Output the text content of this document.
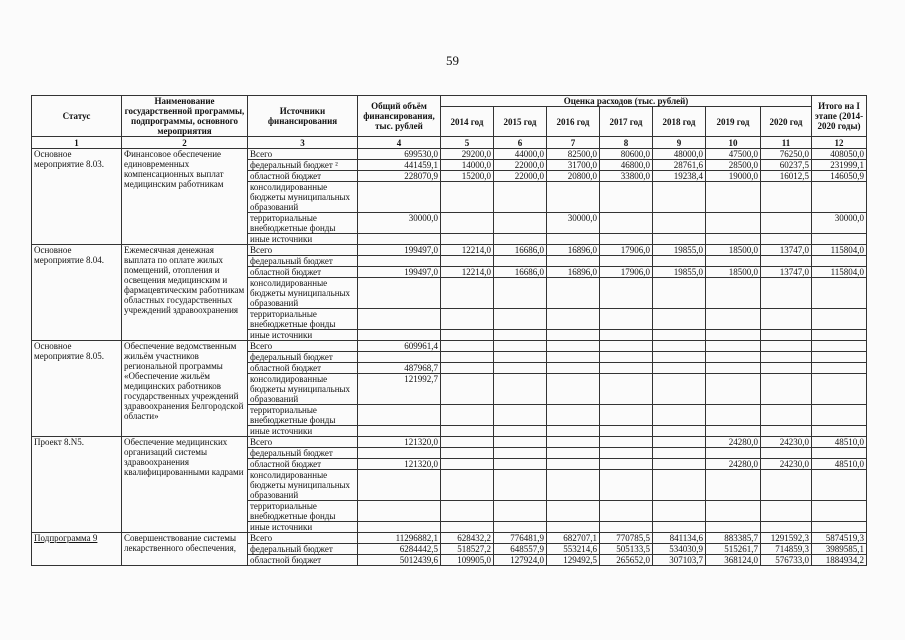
59
Статус	Наименование государственной программы, подпрограммы, основного мероприятия	Источники финансирования	Общий объём финансирования, тыс. рублей	Оценка расходов (тыс. рублей)							Итого на I этапе (2014-2020 годы)
				2014 год	2015 год	2016 год	2017 год	2018 год	2019 год	2020 год	
1	2	3	4	5	6	7	8	9	10	11	12
Основное мероприятие 8.03.	Финансовое обеспечение единовременных компенсационных выплат медицинским работникам	Всего	699530,0	29200,0	44000,0	82500,0	80600,0	48000,0	47500,0	76250,0	408050,0
		федеральный бюджет ²	441459,1	14000,0	22000,0	31700,0	46800,0	28761,6	28500,0	60237,5	231999,1
		областной бюджет	228070,9	15200,0	22000,0	20800,0	33800,0	19238,4	19000,0	16012,5	146050,9
		консолидированные бюджеты муниципальных образований									
		территориальные внебюджетные фонды	30000,0			30000,0					30000,0
		иные источники									
Основное мероприятие 8.04.	Ежемесячная денежная выплата по оплате жилых помещений, отопления и освещения медицинским и фармацевтическим работникам областных государственных учреждений здравоохранения	Всего	199497,0	12214,0	16686,0	16896,0	17906,0	19855,0	18500,0	13747,0	115804,0
		федеральный бюджет									
		областной бюджет	199497,0	12214,0	16686,0	16896,0	17906,0	19855,0	18500,0	13747,0	115804,0
		консолидированные бюджеты муниципальных образований									
		территориальные внебюджетные фонды									
		иные источники									
Основное мероприятие 8.05.	Обеспечение ведомственным жильём участников региональной программы «Обеспечение жильём медицинских работников государственных учреждений здравоохранения Белгородской области»	Всего	609961,4								
		федеральный бюджет									
		областной бюджет	487968,7								
		консолидированные бюджеты муниципальных образований	121992,7								
		территориальные внебюджетные фонды									
		иные источники									
Проект 8.N5.	Обеспечение медицинских организаций системы здравоохранения квалифицированными кадрами	Всего	121320,0						24280,0	24230,0	48510,0
		федеральный бюджет									
		областной бюджет	121320,0						24280,0	24230,0	48510,0
		консолидированные бюджеты муниципальных образований									
		территориальные внебюджетные фонды									
		иные источники									
Подпрограмма 9	Совершенствование системы лекарственного обеспечения,	Всего	11296882,1	628432,2	776481,9	682707,1	770785,5	841134,6	883385,7	1291592,3	5874519,3
		федеральный бюджет	6284442,5	518527,2	648557,9	553214,6	505133,5	534030,9	515261,7	714859,3	3989585,1
		областной бюджет	5012439,6	109905,0	127924,0	129492,5	265652,0	307103,7	368124,0	576733,0	1884934,2
